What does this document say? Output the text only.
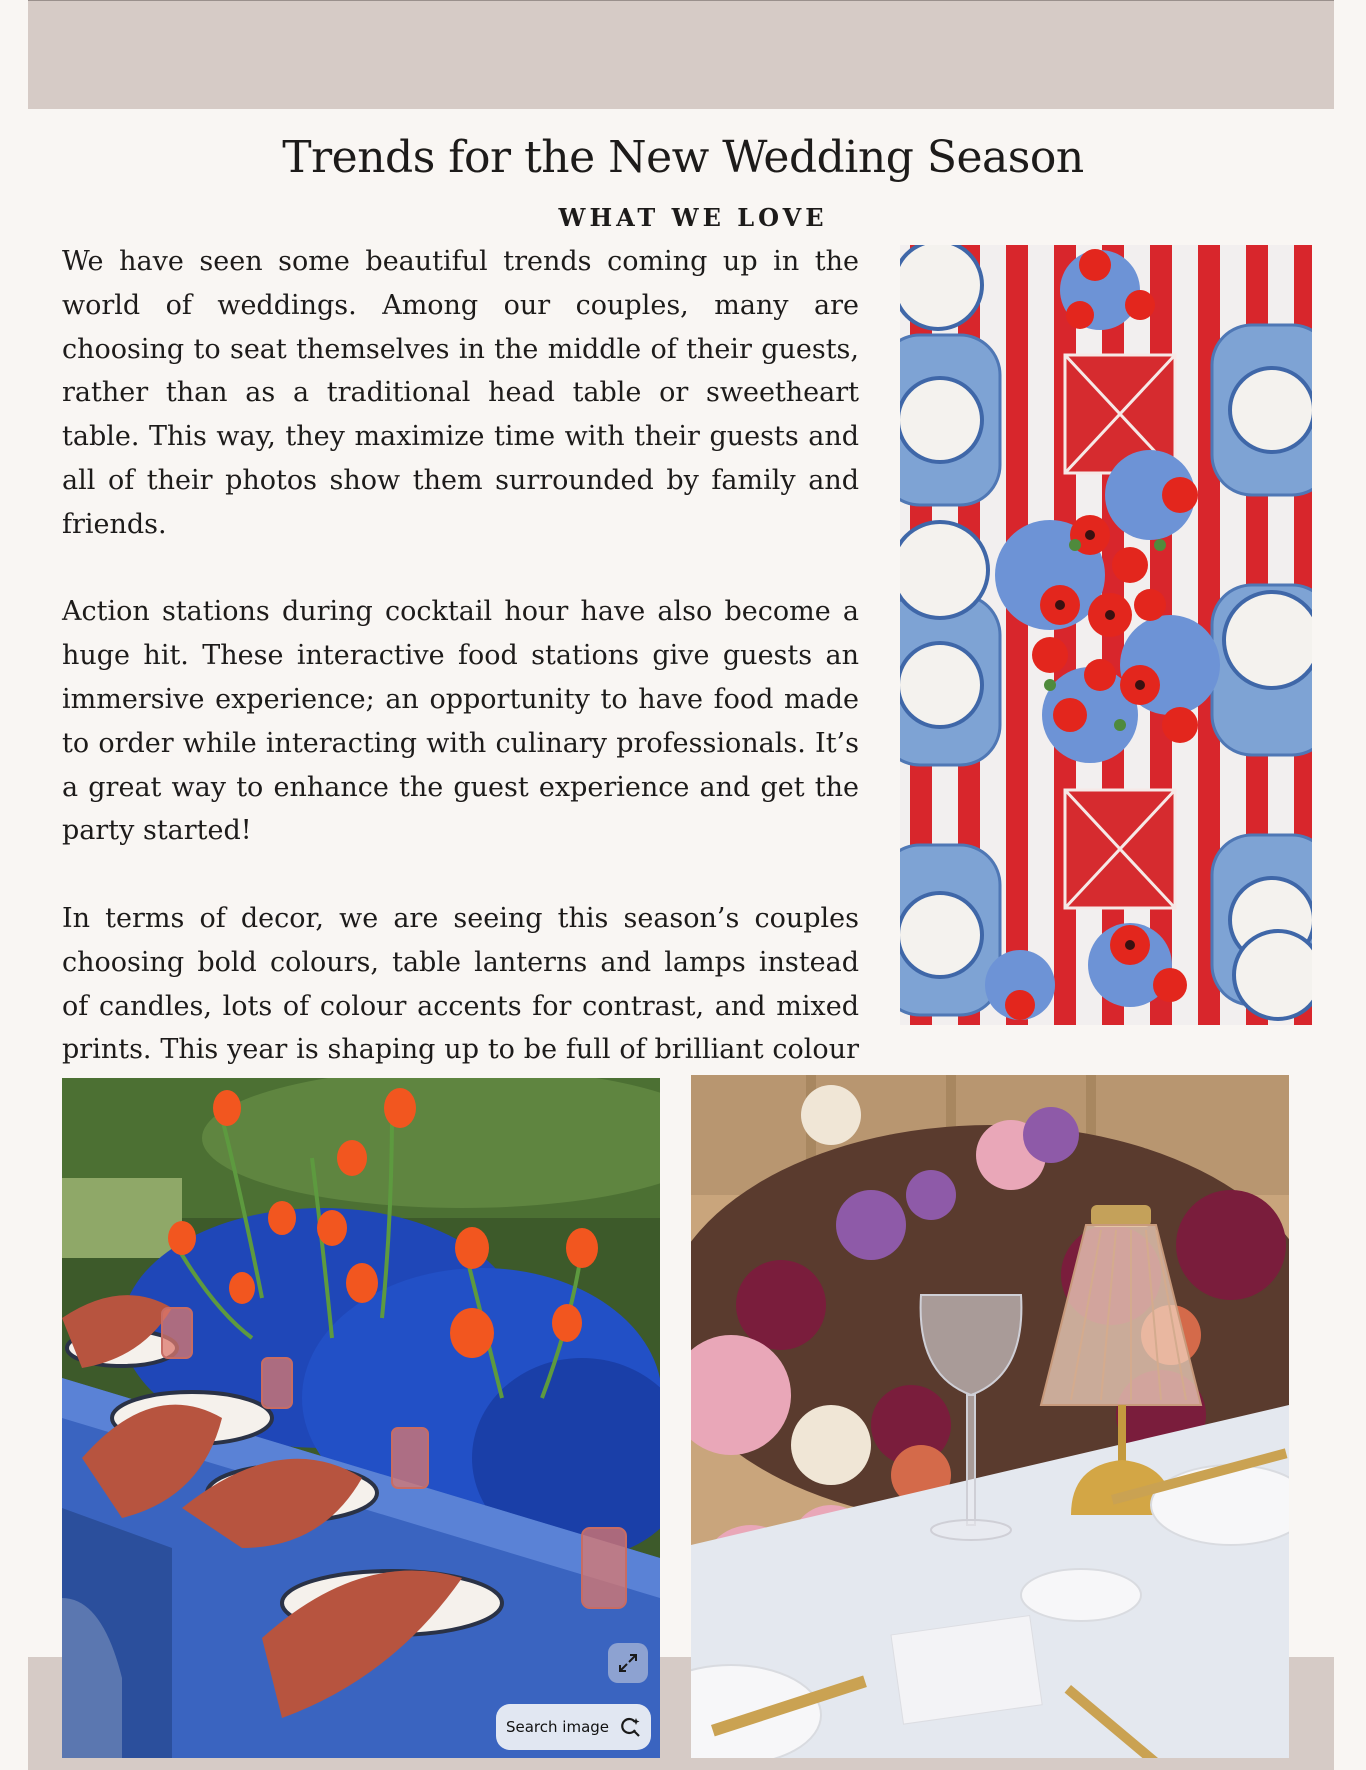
Trends for the New Wedding Season
WHAT WE LOVE

We have seen some beautiful trends coming up in the world of weddings. Among our couples, many are choosing to seat themselves in the middle of their guests, rather than as a traditional head table or sweetheart table. This way, they maximize time with their guests and all of their photos show them surrounded by family and friends.

Action stations during cocktail hour have also become a huge hit. These interactive food stations give guests an immersive experience; an opportunity to have food made to order while interacting with culinary professionals. It’s a great way to enhance the guest experience and get the party started!

In terms of decor, we are seeing this season’s couples choosing bold colours, table lanterns and lamps instead of candles, lots of colour accents for contrast, and mixed prints. This year is shaping up to be full of brilliant colour

Search image
